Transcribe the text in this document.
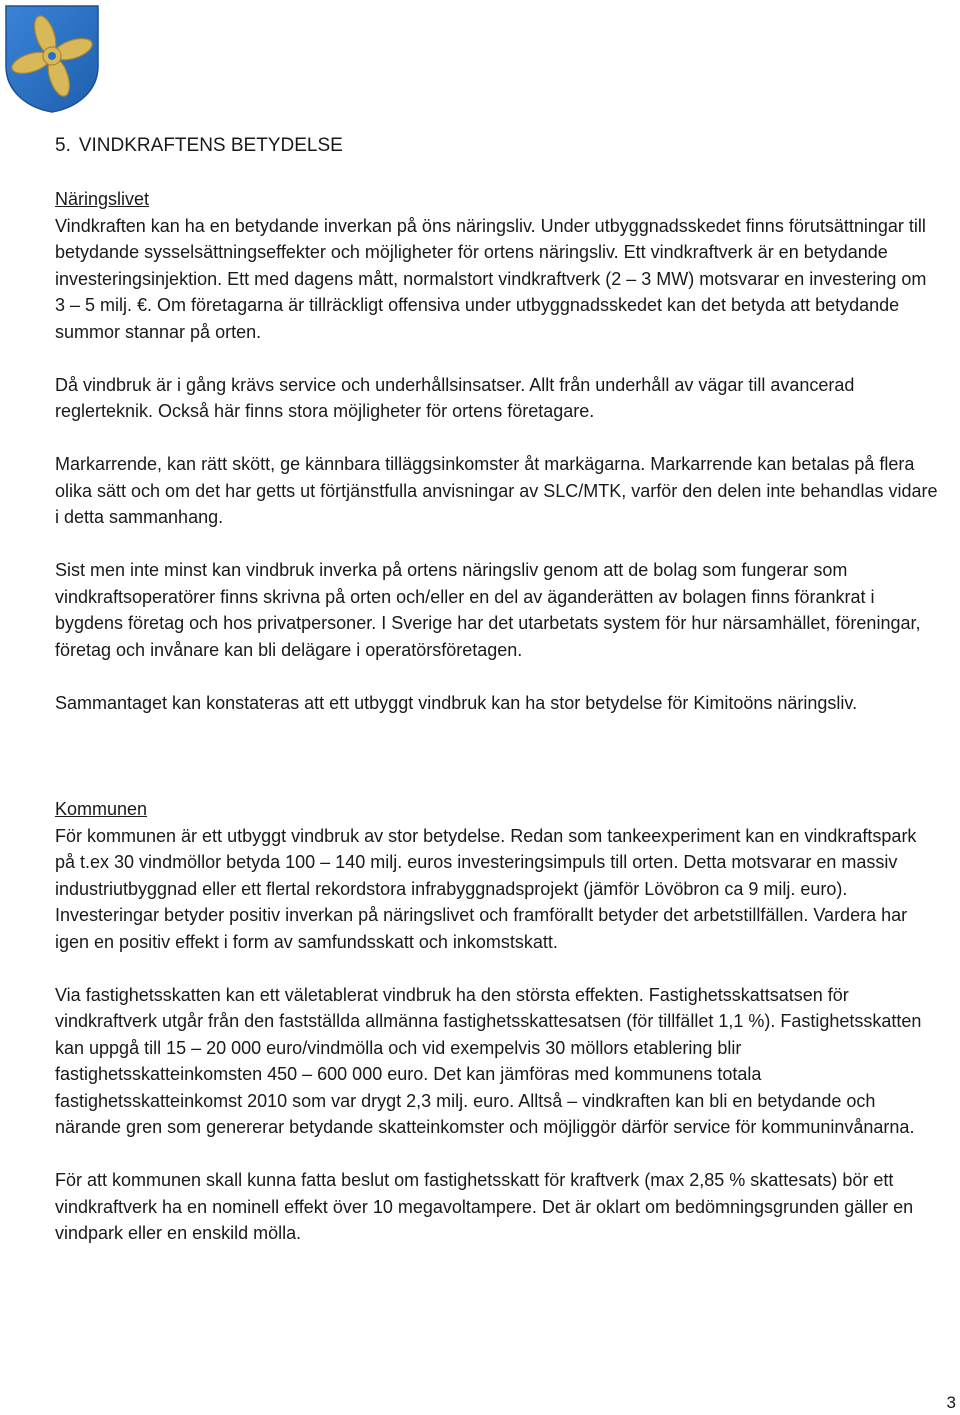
5. VINDKRAFTENS BETYDELSE
Näringslivet

Vindkraften kan ha en betydande inverkan på öns näringsliv. Under utbyggnadsskedet finns förutsättningar till betydande sysselsättningseffekter och möjligheter för ortens näringsliv. Ett vindkraftverk är en betydande investeringsinjektion. Ett med dagens mått, normalstort vindkraftverk (2 – 3 MW) motsvarar en investering om 3 – 5 milj. €. Om företagarna är tillräckligt offensiva under utbyggnadsskedet kan det betyda att betydande summor stannar på orten.

Då vindbruk är i gång krävs service och underhållsinsatser. Allt från underhåll av vägar till avancerad reglerteknik. Också här finns stora möjligheter för ortens företagare.

Markarrende, kan rätt skött, ge kännbara tilläggsinkomster åt markägarna. Markarrende kan betalas på flera olika sätt och om det har getts ut förtjänstfulla anvisningar av SLC/MTK, varför den delen inte behandlas vidare i detta sammanhang.

Sist men inte minst kan vindbruk inverka på ortens näringsliv genom att de bolag som fungerar som vindkraftsoperatörer finns skrivna på orten och/eller en del av äganderätten av bolagen finns förankrat i bygdens företag och hos privatpersoner. I Sverige har det utarbetats system för hur närsamhället, föreningar, företag och invånare kan bli delägare i operatörsföretagen.

Sammantaget kan konstateras att ett utbyggt vindbruk kan ha stor betydelse för Kimitoöns näringsliv.

Kommunen

För kommunen är ett utbyggt vindbruk av stor betydelse. Redan som tankeexperiment kan en vindkraftspark på t.ex 30 vindmöllor betyda 100 – 140 milj. euros investeringsimpuls till orten. Detta motsvarar en massiv industriutbyggnad eller ett flertal rekordstora infrabyggnadsprojekt (jämför Lövöbron ca 9 milj. euro). Investeringar betyder positiv inverkan på näringslivet och framförallt betyder det arbetstillfällen. Vardera har igen en positiv effekt i form av samfundsskatt och inkomstskatt.

Via fastighetsskatten kan ett väletablerat vindbruk ha den största effekten. Fastighetsskattsatsen för vindkraftverk utgår från den fastställda allmänna fastighetsskattesatsen (för tillfället 1,1 %). Fastighetsskatten kan uppgå till 15 – 20 000 euro/vindmölla och vid exempelvis 30 möllors etablering blir fastighetsskatteinkomsten 450 – 600 000 euro. Det kan jämföras med kommunens totala fastighetsskatteinkomst 2010 som var drygt 2,3 milj. euro. Alltså – vindkraften kan bli en betydande och närande gren som genererar betydande skatteinkomster och möjliggör därför service för kommuninvånarna.

För att kommunen skall kunna fatta beslut om fastighetsskatt för kraftverk (max 2,85 % skattesats) bör ett vindkraftverk ha en nominell effekt över 10 megavoltampere. Det är oklart om bedömningsgrunden gäller en vindpark eller en enskild mölla.

3
